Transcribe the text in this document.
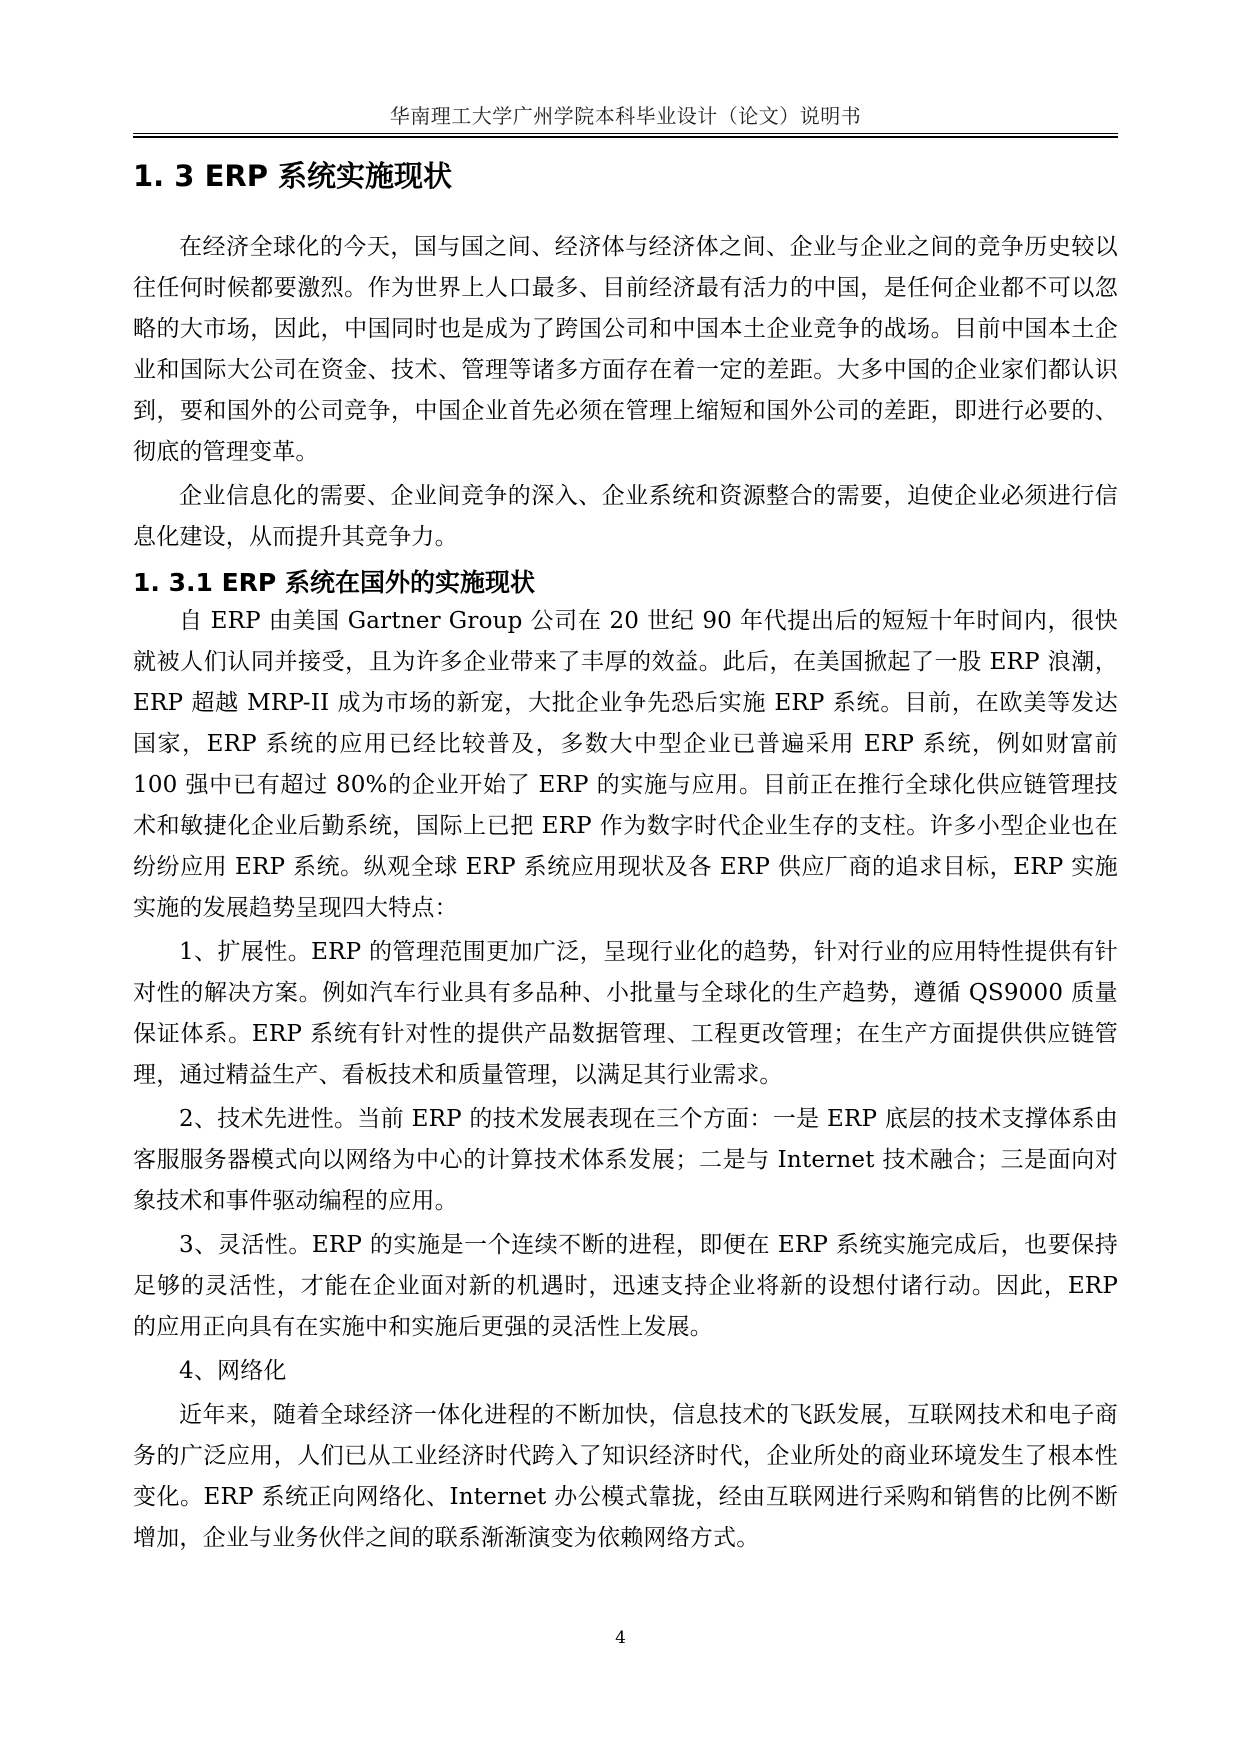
华南理工大学广州学院本科毕业设计（论文）说明书
1. 3 ERP 系统实施现状

在经济全球化的今天，国与国之间、经济体与经济体之间、企业与企业之间的竞争历史较以往任何时候都要激烈。作为世界上人口最多、目前经济最有活力的中国，是任何企业都不可以忽略的大市场，因此，中国同时也是成为了跨国公司和中国本土企业竞争的战场。目前中国本土企业和国际大公司在资金、技术、管理等诸多方面存在着一定的差距。大多中国的企业家们都认识到，要和国外的公司竞争，中国企业首先必须在管理上缩短和国外公司的差距，即进行必要的、彻底的管理变革。

企业信息化的需要、企业间竞争的深入、企业系统和资源整合的需要，迫使企业必须进行信息化建设，从而提升其竞争力。

1. 3.1 ERP 系统在国外的实施现状

自 ERP 由美国 Gartner Group 公司在 20 世纪 90 年代提出后的短短十年时间内，很快就被人们认同并接受，且为许多企业带来了丰厚的效益。此后，在美国掀起了一股 ERP 浪潮，ERP 超越 MRP-II 成为市场的新宠，大批企业争先恐后实施 ERP 系统。目前，在欧美等发达国家，ERP 系统的应用已经比较普及，多数大中型企业已普遍采用 ERP 系统，例如财富前 100 强中已有超过 80%的企业开始了 ERP 的实施与应用。目前正在推行全球化供应链管理技术和敏捷化企业后勤系统，国际上已把 ERP 作为数字时代企业生存的支柱。许多小型企业也在纷纷应用 ERP 系统。纵观全球 ERP 系统应用现状及各 ERP 供应厂商的追求目标，ERP 实施实施的发展趋势呈现四大特点：

1、扩展性。ERP 的管理范围更加广泛，呈现行业化的趋势，针对行业的应用特性提供有针对性的解决方案。例如汽车行业具有多品种、小批量与全球化的生产趋势，遵循 QS9000 质量保证体系。ERP 系统有针对性的提供产品数据管理、工程更改管理；在生产方面提供供应链管理，通过精益生产、看板技术和质量管理，以满足其行业需求。

2、技术先进性。当前 ERP 的技术发展表现在三个方面：一是 ERP 底层的技术支撑体系由客服服务器模式向以网络为中心的计算技术体系发展；二是与 Internet 技术融合；三是面向对象技术和事件驱动编程的应用。

3、灵活性。ERP 的实施是一个连续不断的进程，即便在 ERP 系统实施完成后，也要保持足够的灵活性，才能在企业面对新的机遇时，迅速支持企业将新的设想付诸行动。因此，ERP 的应用正向具有在实施中和实施后更强的灵活性上发展。

4、网络化

近年来，随着全球经济一体化进程的不断加快，信息技术的飞跃发展，互联网技术和电子商务的广泛应用，人们已从工业经济时代跨入了知识经济时代，企业所处的商业环境发生了根本性变化。ERP 系统正向网络化、Internet 办公模式靠拢，经由互联网进行采购和销售的比例不断增加，企业与业务伙伴之间的联系渐渐演变为依赖网络方式。

4
